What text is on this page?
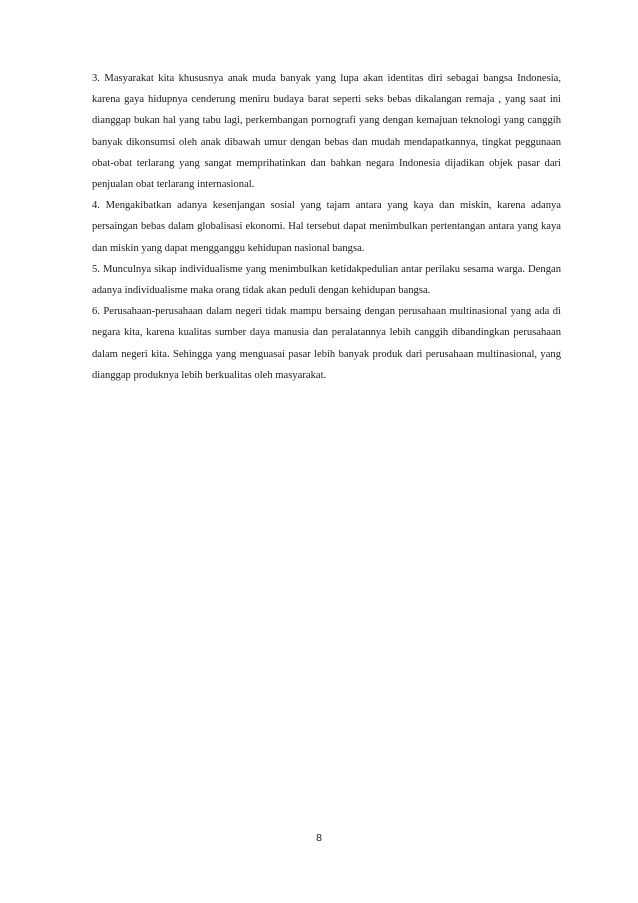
3. Masyarakat kita khususnya anak muda banyak yang lupa akan identitas diri sebagai bangsa Indonesia, karena gaya hidupnya cenderung meniru budaya barat seperti seks bebas dikalangan remaja , yang saat ini dianggap bukan hal yang tabu lagi, perkembangan pornografi yang dengan kemajuan teknologi yang canggih banyak dikonsumsi oleh anak dibawah umur dengan bebas dan mudah mendapatkannya, tingkat peggunaan obat-obat terlarang yang sangat memprihatinkan dan bahkan negara Indonesia dijadikan objek pasar dari penjualan obat terlarang internasional.

4. Mengakibatkan adanya kesenjangan sosial yang tajam antara yang kaya dan miskin, karena adanya persaingan bebas dalam globalisasi ekonomi. Hal tersebut dapat menimbulkan pertentangan antara yang kaya dan miskin yang dapat mengganggu kehidupan nasional bangsa.

5. Munculnya sikap individualisme yang menimbulkan ketidakpedulian antar perilaku sesama warga. Dengan adanya individualisme maka orang tidak akan peduli dengan kehidupan bangsa.

6. Perusahaan-perusahaan dalam negeri tidak mampu bersaing dengan perusahaan multinasional yang ada di negara kita, karena kualitas sumber daya manusia dan peralatannya lebih canggih dibandingkan perusahaan dalam negeri kita. Sehingga yang menguasai pasar lebih banyak produk dari perusahaan multinasional, yang dianggap produknya lebih berkualitas oleh masyarakat.

8
